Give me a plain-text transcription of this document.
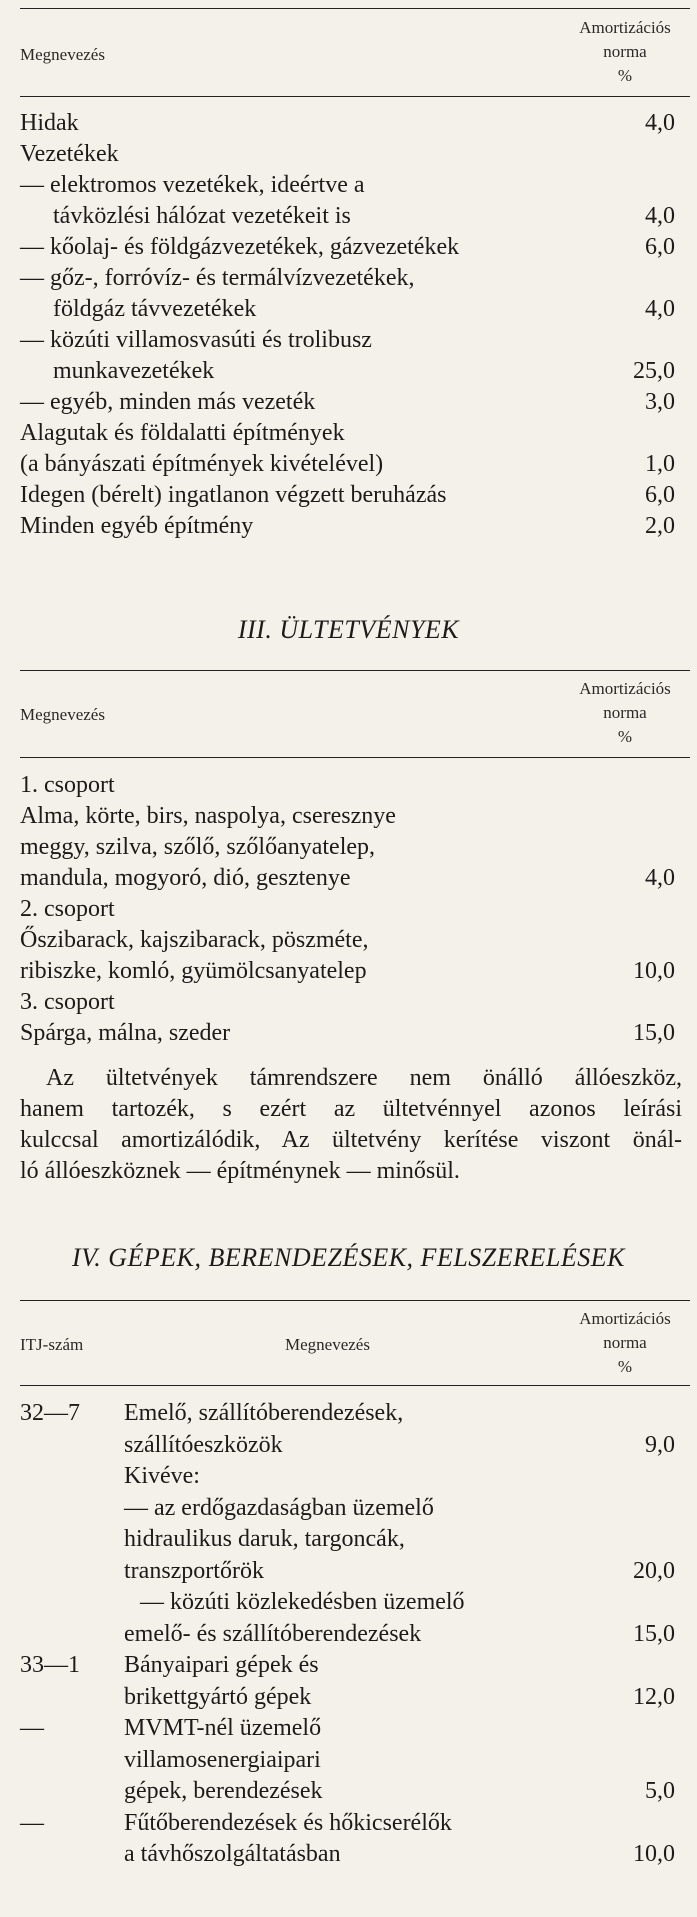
Megnevezés
Amortizációs
norma
%
Hidak	4,0
Vezetékek
— elektromos vezetékek, ideértve a
távközlési hálózat vezetékeit is	4,0
— kőolaj- és földgázvezetékek, gázvezetékek	6,0
— gőz-, forróvíz- és termálvízvezetékek,
földgáz távvezetékek	4,0
— közúti villamosvasúti és trolibusz
munkavezetékek	25,0
— egyéb, minden más vezeték	3,0
Alagutak és földalatti építmények
(a bányászati építmények kivételével)	1,0
Idegen (bérelt) ingatlanon végzett beruházás	6,0
Minden egyéb építmény	2,0
III. ÜLTETVÉNYEK
Megnevezés
Amortizációs
norma
%
1. csoport
Alma, körte, birs, naspolya, cseresznye
meggy, szilva, szőlő, szőlőanyatelep,
mandula, mogyoró, dió, gesztenye	4,0
2. csoport
Őszibarack, kajszibarack, pöszméte,
ribiszke, komló, gyümölcsanyatelep	10,0
3. csoport
Spárga, málna, szeder	15,0
Az ültetvények támrendszere nem önálló állóeszköz,
hanem tartozék, s ezért az ültetvénnyel azonos leírási
kulccsal amortizálódik, Az ültetvény kerítése viszont önál-
ló állóeszköznek — építménynek — minősül.
IV. GÉPEK, BERENDEZÉSEK, FELSZERELÉSEK
ITJ-szám	Megnevezés
Amortizációs
norma
%
32—7 Emelő, szállítóberendezések,
szállítóeszközök	9,0
Kivéve:
— az erdőgazdaságban üzemelő
hidraulikus daruk, targoncák,
transzportőrök	20,0
— közúti közlekedésben üzemelő
emelő- és szállítóberendezések	15,0
33—1 Bányaipari gépek és
brikettgyártó gépek	12,0
—	MVMT-nél üzemelő
villamosenergiaipari
gépek, berendezések	5,0
—	Fűtőberendezések és hőkicserélők
a távhőszolgáltatásban	10,0
